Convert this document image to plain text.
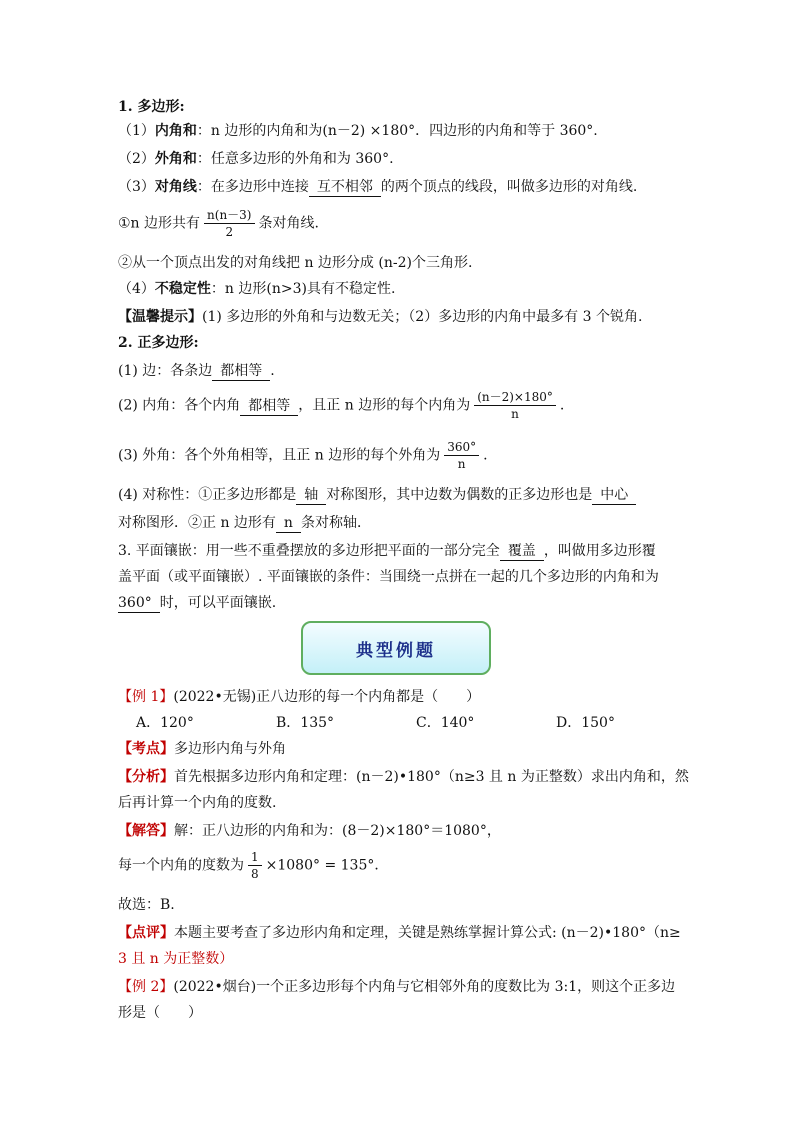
1. 多边形:
（1）内角和：n 边形的内角和为(n－2) ×180°．四边形的内角和等于 360°.
（2）外角和：任意多边形的外角和为 360°.
（3）对角线：在多边形中连接 互不相邻 的两个顶点的线段，叫做多边形的对角线.
①n 边形共有 $\frac{n(n-3)}{2}$ 条对角线.
②从一个顶点出发的对角线把 n 边形分成 (n-2)个三角形.
（4）不稳定性：n 边形(n>3)具有不稳定性.
【温馨提示】(1) 多边形的外角和与边数无关；（2）多边形的内角中最多有 3 个锐角.
2. 正多边形:
(1) 边：各条边 都相等 .
(2) 内角：各个内角 都相等 ，且正 n 边形的每个内角为 $\frac{(n-2)\times 180^\circ}{n}$ .
(3) 外角：各个外角相等，且正 n 边形的每个外角为 $\frac{360^\circ}{n}$ .
(4) 对称性：①正多边形都是 轴 对称图形，其中边数为偶数的正多边形也是 中心
对称图形．②正 n 边形有 n 条对称轴．
3. 平面镶嵌：用一些不重叠摆放的多边形把平面的一部分完全 覆盖 ，叫做用多边形覆
盖平面（或平面镶嵌）. 平面镶嵌的条件：当围绕一点拼在一起的几个多边形的内角和为
360° 时，可以平面镶嵌.
典型例题
【例 1】(2022•无锡)正八边形的每一个内角都是（　　）
A．120°	B．135°	C．140°	D．150°
【考点】多边形内角与外角
【分析】首先根据多边形内角和定理：(n－2)•180°（n≥3 且 n 为正整数）求出内角和，然
后再计算一个内角的度数.
【解答】解：正八边形的内角和为：(8－2)×180°＝1080°，
每一个内角的度数为 $\frac{1}{8} \times 1080^\circ = 135^\circ$．
故选：B.
【点评】本题主要考查了多边形内角和定理，关键是熟练掌握计算公式: (n－2)•180°（n≥
3 且 n 为正整数）
【例 2】(2022•烟台)一个正多边形每个内角与它相邻外角的度数比为 3:1，则这个正多边
形是（　　）
